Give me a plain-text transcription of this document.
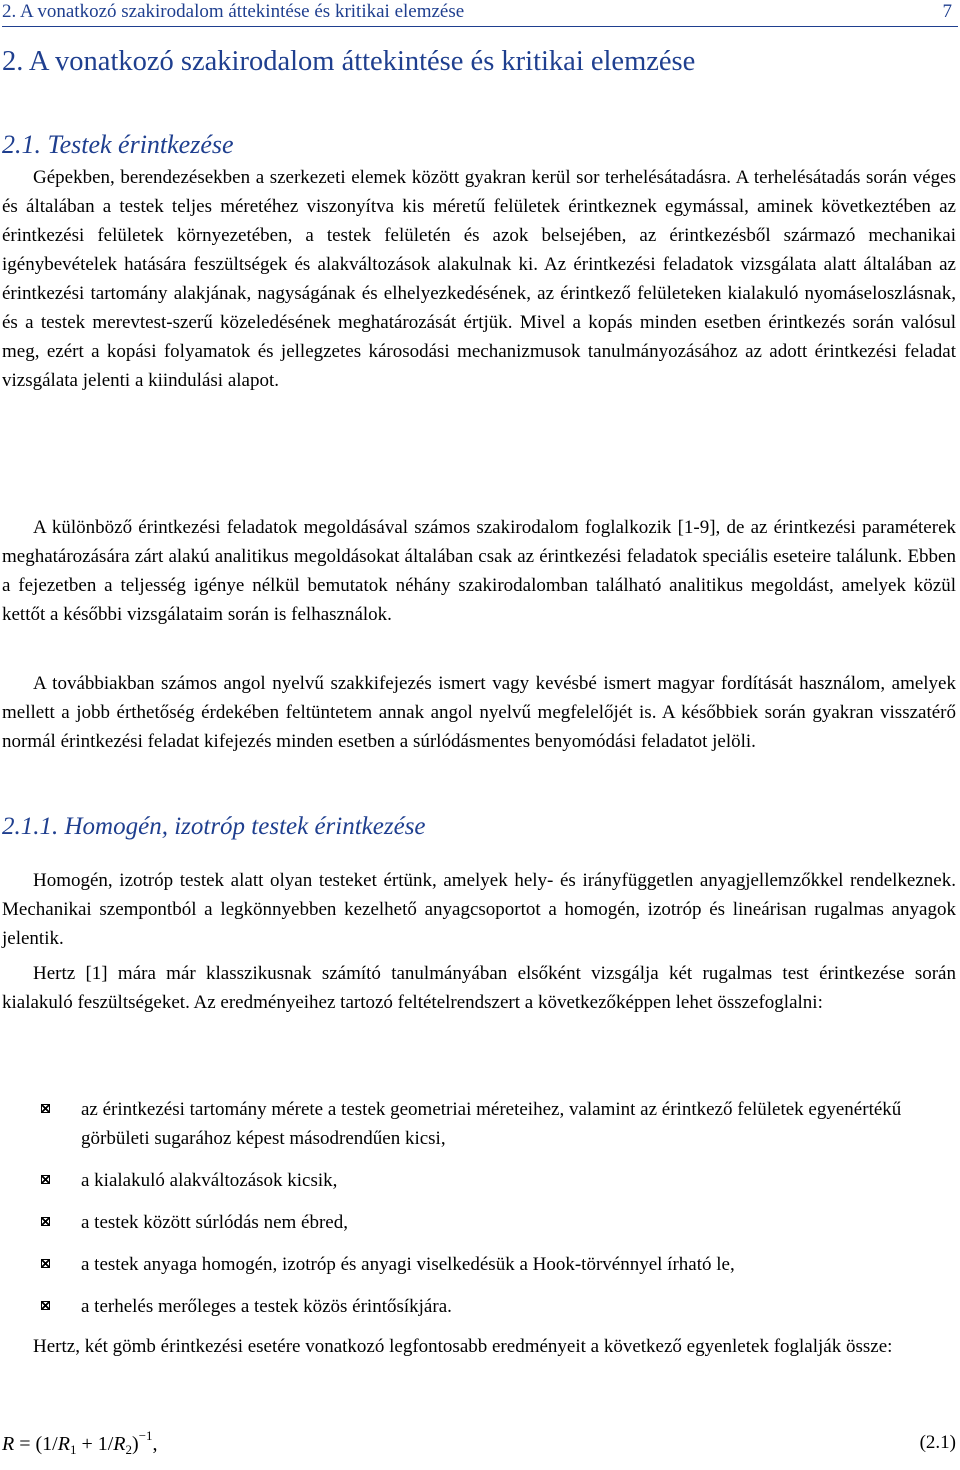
2. A vonatkozó szakirodalom áttekintése és kritikai elemzése	7
2. A vonatkozó szakirodalom áttekintése és kritikai elemzése
2.1. Testek érintkezése

Gépekben, berendezésekben a szerkezeti elemek között gyakran kerül sor terhelésátadásra. A terhelésátadás során véges és általában a testek teljes méretéhez viszonyítva kis méretű felületek érintkeznek egymással, aminek következtében az érintkezési felületek környezetében, a testek felületén és azok belsejében, az érintkezésből származó mechanikai igénybevételek hatására feszültségek és alakváltozások alakulnak ki. Az érintkezési feladatok vizsgálata alatt általában az érintkezési tartomány alakjának, nagyságának és elhelyezkedésének, az érintkező felületeken kialakuló nyomáseloszlásnak, és a testek merevtest-szerű közeledésének meghatározását értjük. Mivel a kopás minden esetben érintkezés során valósul meg, ezért a kopási folyamatok és jellegzetes károsodási mechanizmusok tanulmányozásához az adott érintkezési feladat vizsgálata jelenti a kiindulási alapot.

A különböző érintkezési feladatok megoldásával számos szakirodalom foglalkozik [1-9], de az érintkezési paraméterek meghatározására zárt alakú analitikus megoldásokat általában csak az érintkezési feladatok speciális eseteire találunk. Ebben a fejezetben a teljesség igénye nélkül bemutatok néhány szakirodalomban található analitikus megoldást, amelyek közül kettőt a későbbi vizsgálataim során is felhasználok.

A továbbiakban számos angol nyelvű szakkifejezés ismert vagy kevésbé ismert magyar fordítását használom, amelyek mellett a jobb érthetőség érdekében feltüntetem annak angol nyelvű megfelelőjét is. A későbbiek során gyakran visszatérő normál érintkezési feladat kifejezés minden esetben a súrlódásmentes benyomódási feladatot jelöli.

2.1.1. Homogén, izotróp testek érintkezése

Homogén, izotróp testek alatt olyan testeket értünk, amelyek hely- és irányfüggetlen anyagjellemzőkkel rendelkeznek. Mechanikai szempontból a legkönnyebben kezelhető anyagcsoportot a homogén, izotróp és lineárisan rugalmas anyagok jelentik.

Hertz [1] mára már klasszikusnak számító tanulmányában elsőként vizsgálja két rugalmas test érintkezése során kialakuló feszültségeket. Az eredményeihez tartozó feltételrendszert a következőképpen lehet összefoglalni:

az érintkezési tartomány mérete a testek geometriai méreteihez, valamint az érintkező felületek egyenértékű görbületi sugarához képest másodrendűen kicsi,
a kialakuló alakváltozások kicsik,
a testek között súrlódás nem ébred,
a testek anyaga homogén, izotróp és anyagi viselkedésük a Hook-törvénnyel írható le,
a terhelés merőleges a testek közös érintősíkjára.

Hertz, két gömb érintkezési esetére vonatkozó legfontosabb eredményeit a következő egyenletek foglalják össze:

$R = (1/R_1 + 1/R_2)^{-1}$,	(2.1)
